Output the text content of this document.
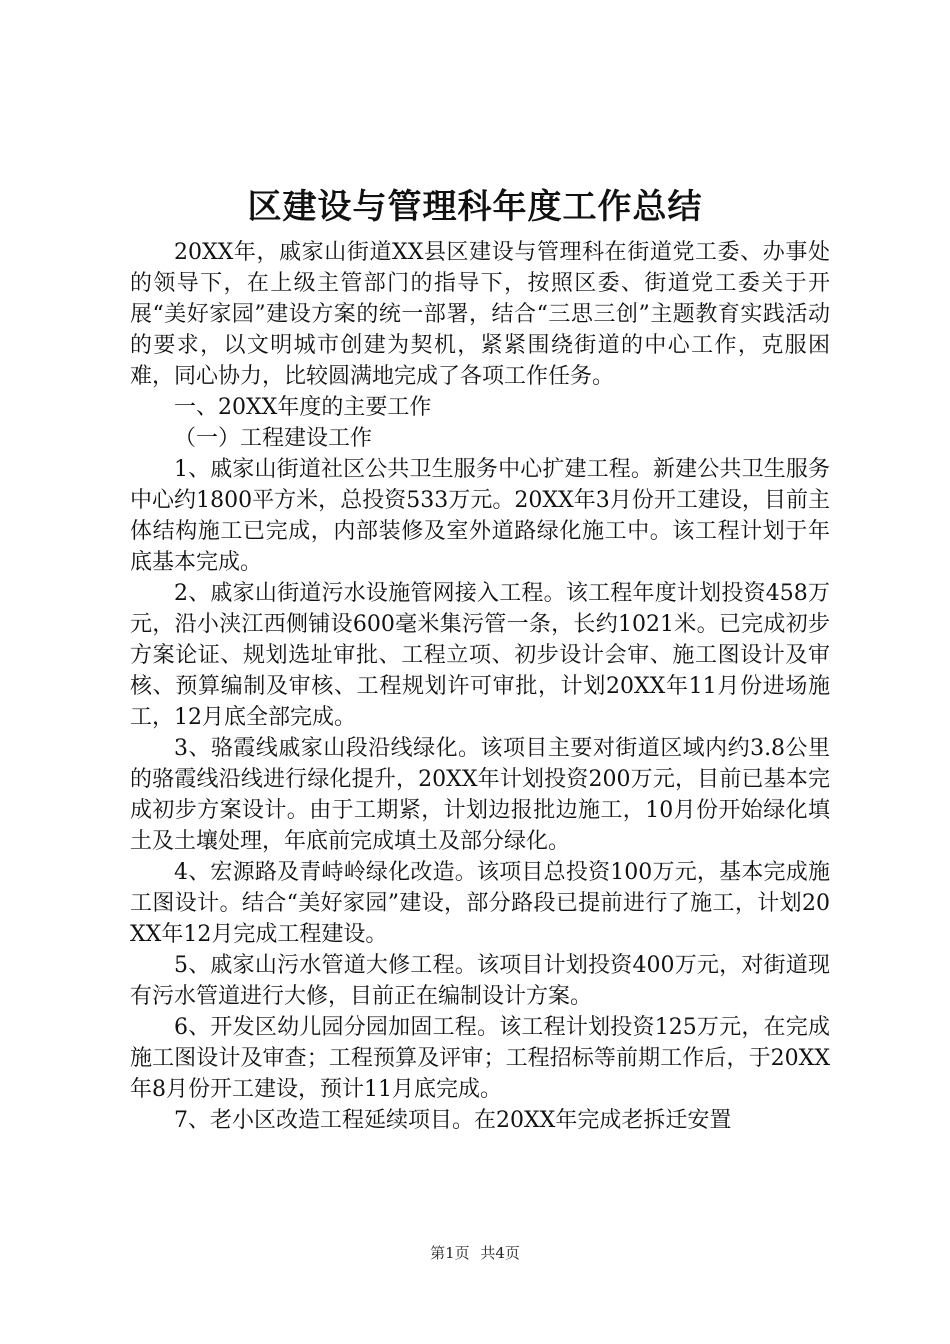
区建设与管理科年度工作总结

20XX年，戚家山街道XX县区建设与管理科在街道党工委、办事处的领导下，在上级主管部门的指导下，按照区委、街道党工委关于开展“美好家园”建设方案的统一部署，结合“三思三创”主题教育实践活动的要求，以文明城市创建为契机，紧紧围绕街道的中心工作，克服困难，同心协力，比较圆满地完成了各项工作任务。

一、20XX年度的主要工作

（一）工程建设工作

1、戚家山街道社区公共卫生服务中心扩建工程。新建公共卫生服务中心约1800平方米，总投资533万元。20XX年3月份开工建设，目前主体结构施工已完成，内部装修及室外道路绿化施工中。该工程计划于年底基本完成。

2、戚家山街道污水设施管网接入工程。该工程年度计划投资458万元，沿小浃江西侧铺设600毫米集污管一条，长约1021米。已完成初步方案论证、规划选址审批、工程立项、初步设计会审、施工图设计及审核、预算编制及审核、工程规划许可审批，计划20XX年11月份进场施工，12月底全部完成。

3、骆霞线戚家山段沿线绿化。该项目主要对街道区域内约3.8公里的骆霞线沿线进行绿化提升，20XX年计划投资200万元，目前已基本完成初步方案设计。由于工期紧，计划边报批边施工，10月份开始绿化填土及土壤处理，年底前完成填土及部分绿化。

4、宏源路及青峙岭绿化改造。该项目总投资100万元，基本完成施工图设计。结合“美好家园”建设，部分路段已提前进行了施工，计划20XX年12月完成工程建设。

5、戚家山污水管道大修工程。该项目计划投资400万元，对街道现有污水管道进行大修，目前正在编制设计方案。

6、开发区幼儿园分园加固工程。该工程计划投资125万元，在完成施工图设计及审查；工程预算及评审；工程招标等前期工作后，于20XX年8月份开工建设，预计11月底完成。

7、老小区改造工程延续项目。在20XX年完成老拆迁安置

第1页 共4页
